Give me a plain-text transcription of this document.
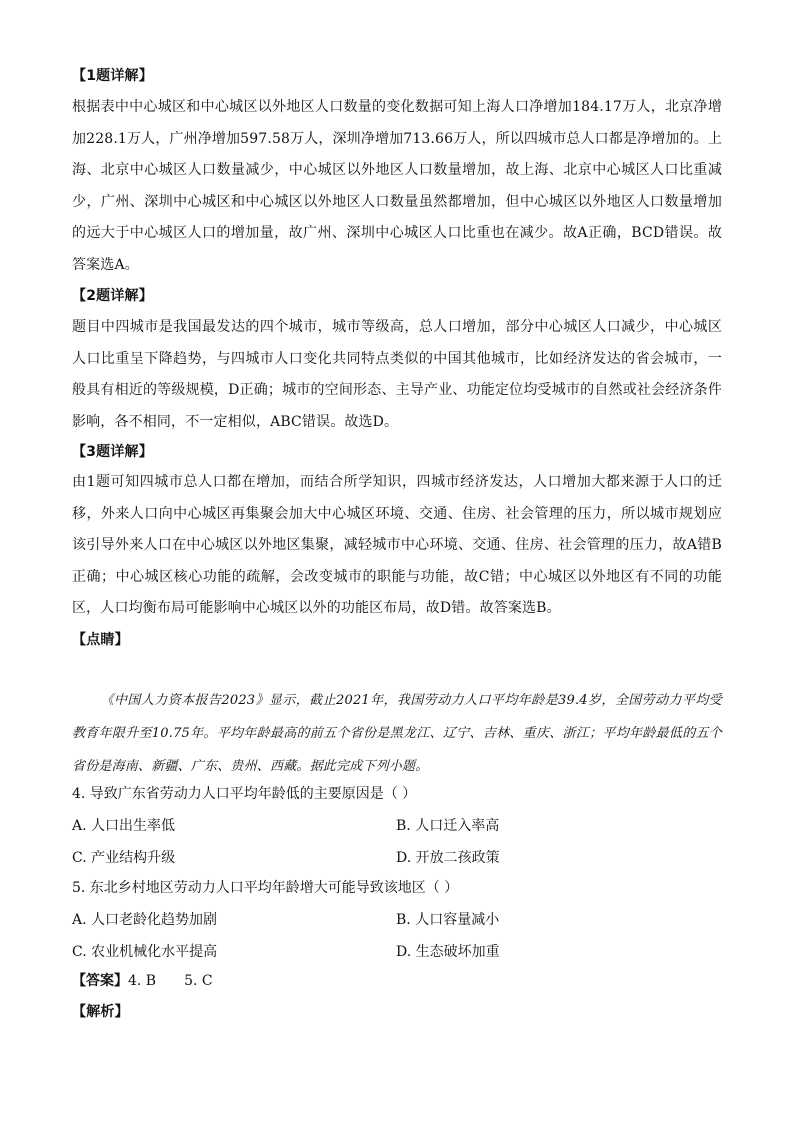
【1题详解】
根据表中中心城区和中心城区以外地区人口数量的变化数据可知上海人口净增加184.17万人，北京净增加228.1万人，广州净增加597.58万人，深圳净增加713.66万人，所以四城市总人口都是净增加的。上海、北京中心城区人口数量减少，中心城区以外地区人口数量增加，故上海、北京中心城区人口比重减少，广州、深圳中心城区和中心城区以外地区人口数量虽然都增加，但中心城区以外地区人口数量增加的远大于中心城区人口的增加量，故广州、深圳中心城区人口比重也在减少。故A正确，BCD错误。故答案选A。
【2题详解】
题目中四城市是我国最发达的四个城市，城市等级高，总人口增加，部分中心城区人口减少，中心城区人口比重呈下降趋势，与四城市人口变化共同特点类似的中国其他城市，比如经济发达的省会城市，一般具有相近的等级规模，D正确；城市的空间形态、主导产业、功能定位均受城市的自然或社会经济条件影响，各不相同，不一定相似，ABC错误。故选D。
【3题详解】
由1题可知四城市总人口都在增加，而结合所学知识，四城市经济发达，人口增加大都来源于人口的迁移，外来人口向中心城区再集聚会加大中心城区环境、交通、住房、社会管理的压力，所以城市规划应该引导外来人口在中心城区以外地区集聚，减轻城市中心环境、交通、住房、社会管理的压力，故A错B正确；中心城区核心功能的疏解，会改变城市的职能与功能，故C错；中心城区以外地区有不同的功能区，人口均衡布局可能影响中心城区以外的功能区布局，故D错。故答案选B。
【点睛】
《中国人力资本报告2023》显示，截止2021年，我国劳动力人口平均年龄是39.4岁，全国劳动力平均受教育年限升至10.75年。平均年龄最高的前五个省份是黑龙江、辽宁、吉林、重庆、浙江；平均年龄最低的五个省份是海南、新疆、广东、贵州、西藏。据此完成下列小题。
4. 导致广东省劳动力人口平均年龄低的主要原因是（ ）
A. 人口出生率低	B. 人口迁入率高
C. 产业结构升级	D. 开放二孩政策
5. 东北乡村地区劳动力人口平均年龄增大可能导致该地区（ ）
A. 人口老龄化趋势加剧	B. 人口容量减小
C. 农业机械化水平提高	D. 生态破坏加重
【答案】4. B 5. C
【解析】
